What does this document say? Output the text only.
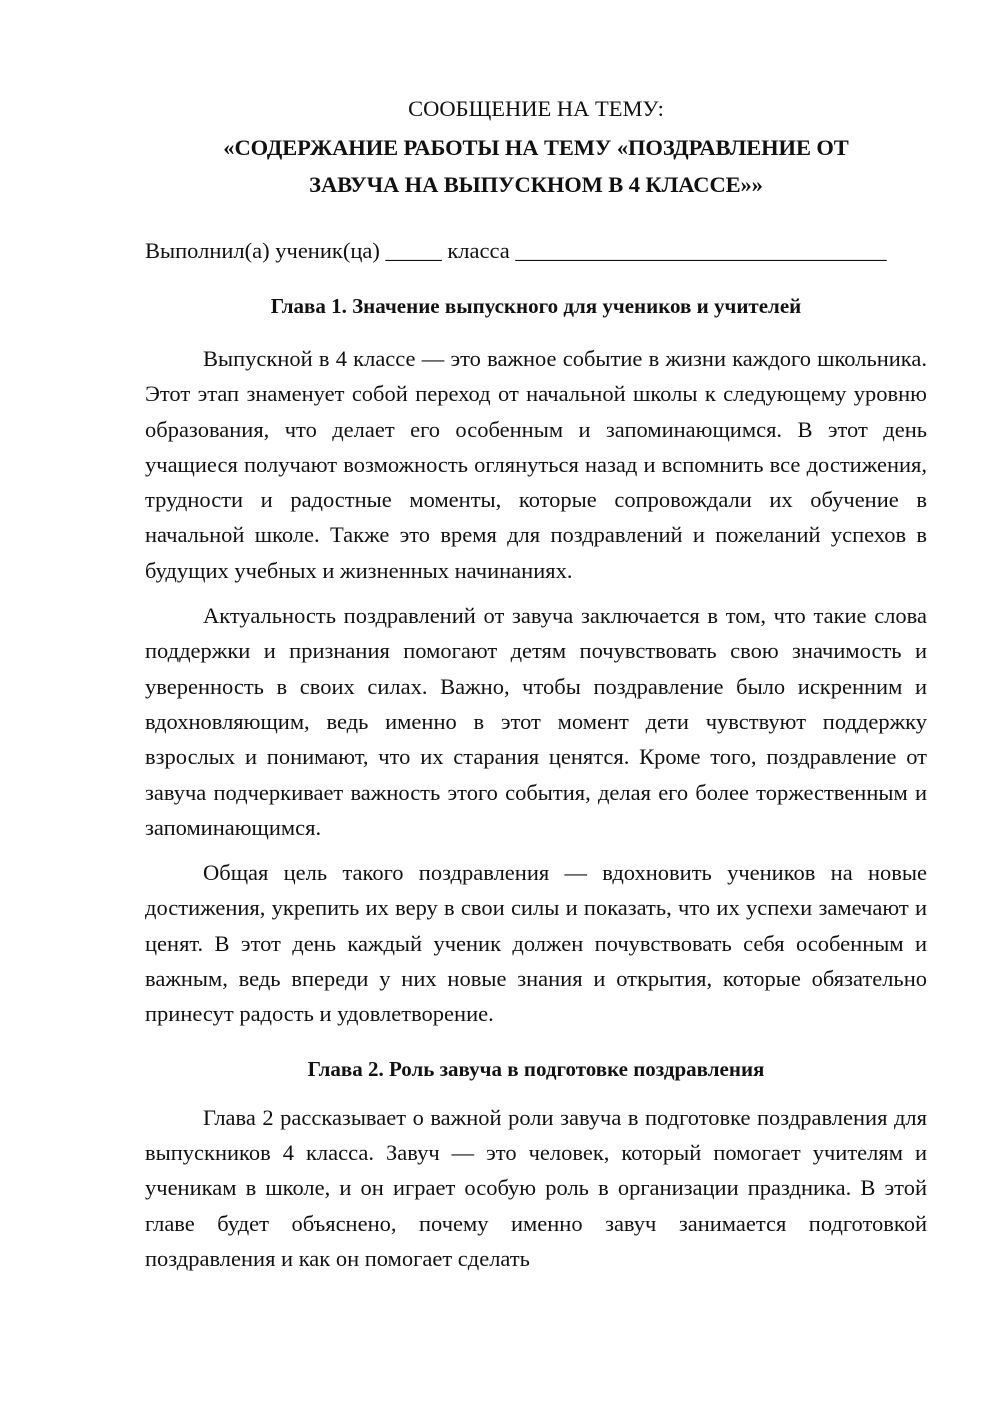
СООБЩЕНИЕ НА ТЕМУ:

«СОДЕРЖАНИЕ РАБОТЫ НА ТЕМУ «ПОЗДРАВЛЕНИЕ ОТ
ЗАВУЧА НА ВЫПУСКНОМ В 4 КЛАССЕ»»

Выполнил(а) ученик(ца) _____ класса _________________________________

Глава 1. Значение выпускного для учеников и учителей

Выпускной в 4 классе — это важное событие в жизни каждого школьника. Этот этап знаменует собой переход от начальной школы к следующему уровню образования, что делает его особенным и запоминающимся. В этот день учащиеся получают возможность оглянуться назад и вспомнить все достижения, трудности и радостные моменты, которые сопровождали их обучение в начальной школе. Также это время для поздравлений и пожеланий успехов в будущих учебных и жизненных начинаниях.

Актуальность поздравлений от завуча заключается в том, что такие слова поддержки и признания помогают детям почувствовать свою значимость и уверенность в своих силах. Важно, чтобы поздравление было искренним и вдохновляющим, ведь именно в этот момент дети чувствуют поддержку взрослых и понимают, что их старания ценятся. Кроме того, поздравление от завуча подчеркивает важность этого события, делая его более торжественным и запоминающимся.

Общая цель такого поздравления — вдохновить учеников на новые достижения, укрепить их веру в свои силы и показать, что их успехи замечают и ценят. В этот день каждый ученик должен почувствовать себя особенным и важным, ведь впереди у них новые знания и открытия, которые обязательно принесут радость и удовлетворение.

Глава 2. Роль завуча в подготовке поздравления

Глава 2 рассказывает о важной роли завуча в подготовке поздравления для выпускников 4 класса. Завуч — это человек, который помогает учителям и ученикам в школе, и он играет особую роль в организации праздника. В этой главе будет объяснено, почему именно завуч занимается подготовкой поздравления и как он помогает сделать
